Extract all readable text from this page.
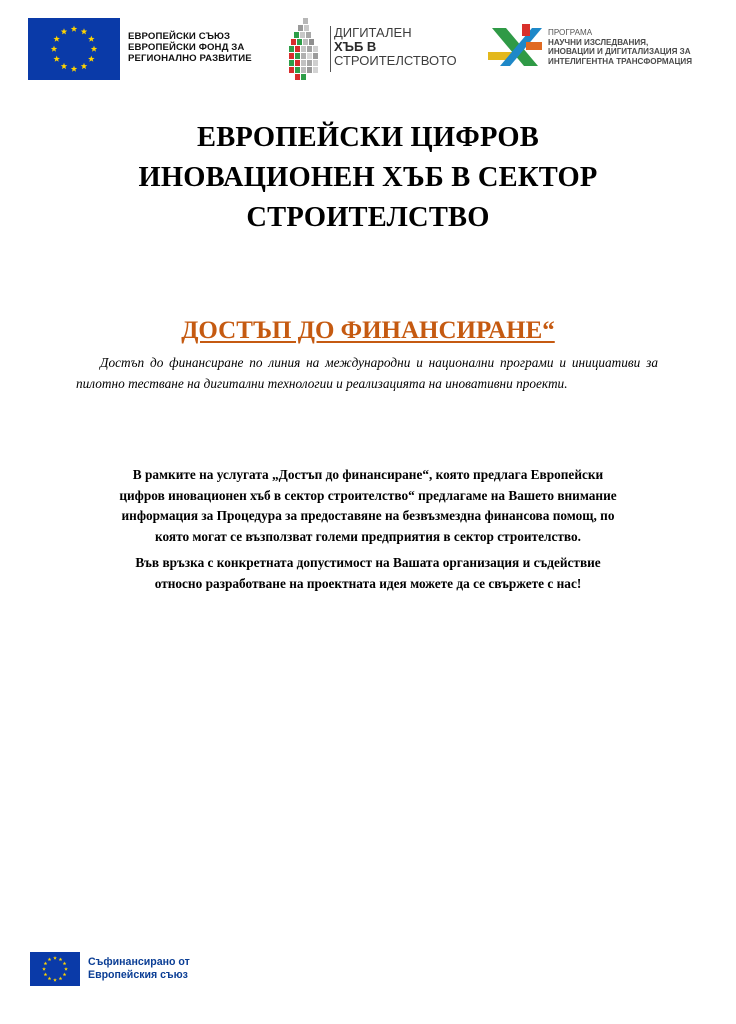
ЕВРОПЕЙСКИ СЪЮЗ
ЕВРОПЕЙСКИ ФОНД ЗА
РЕГИОНАЛНО РАЗВИТИЕ
ДИГИТАЛЕН
ХЪБ В
СТРОИТЕЛСТВОТО
ПРОГРАМА
НАУЧНИ ИЗСЛЕДВАНИЯ,
ИНОВАЦИИ И ДИГИТАЛИЗАЦИЯ ЗА
ИНТЕЛИГЕНТНА ТРАНСФОРМАЦИЯ
ЕВРОПЕЙСКИ ЦИФРОВ
ИНОВАЦИОНЕН ХЪБ В СЕКТОР
СТРОИТЕЛСТВО
ДОСТЪП ДО ФИНАНСИРАНЕ“
Достъп до финансиране по линия на международни и национални програми и инициативи за пилотно тестване на дигитални технологии и реализацията на иновативни проекти.
В рамките на услугата „Достъп до финансиране“, която предлага Европейски
цифров иновационен хъб в сектор строителство“ предлагаме на Вашето внимание
информация за Процедура за предоставяне на безвъзмездна финансова помощ, по
която могат се възползват големи предприятия в сектор строителство.
Във връзка с конкретната допустимост на Вашата организация и съдействие
относно разработване на проектната идея можете да се свържете с нас!
Съфинансирано от
Европейския съюз
